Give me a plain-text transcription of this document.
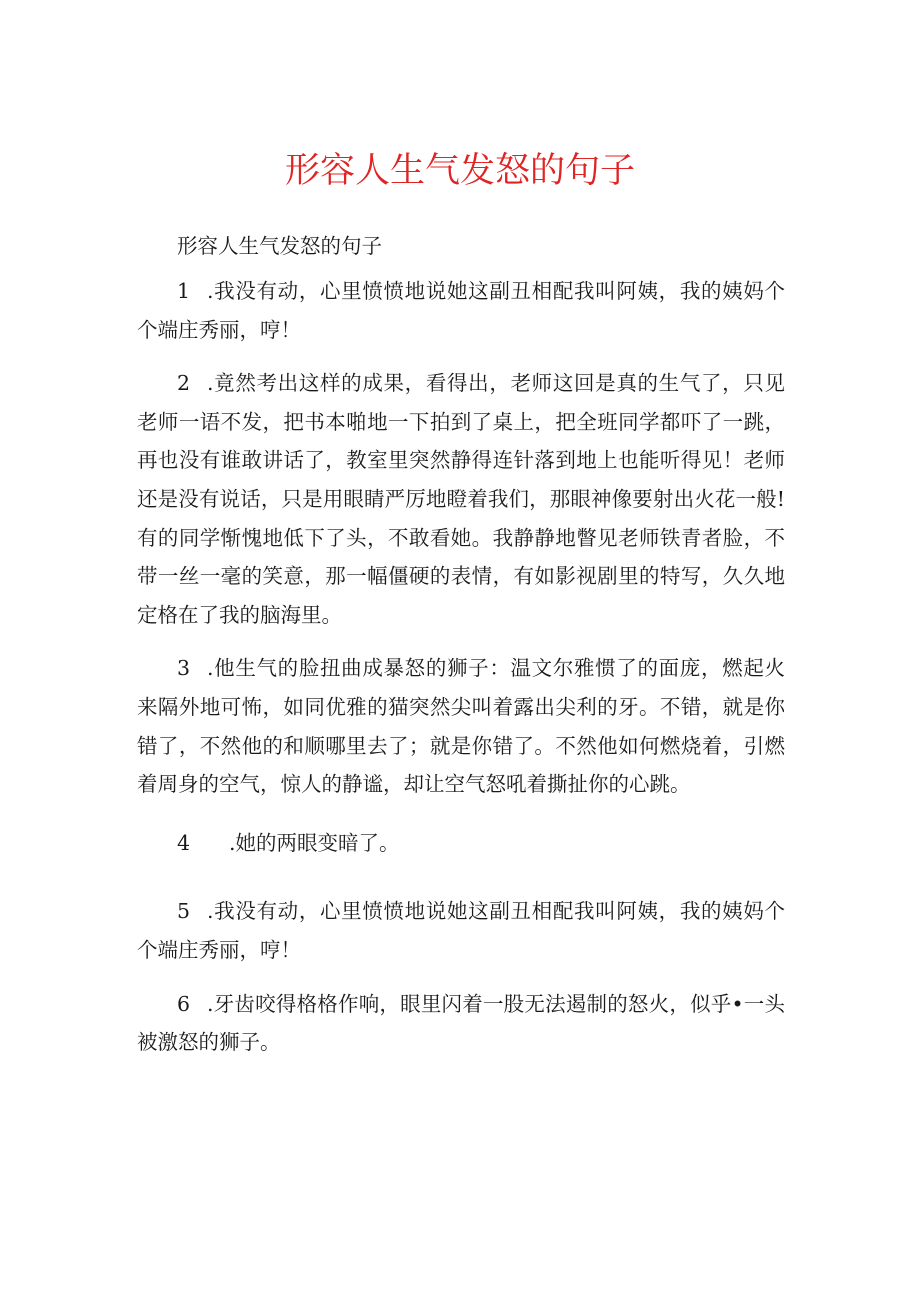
形容人生气发怒的句子

形容人生气发怒的句子

1 .我没有动，心里愤愤地说她这副丑相配我叫阿姨，我的姨妈个个端庄秀丽，哼！

2 .竟然考出这样的成果，看得出，老师这回是真的生气了，只见老师一语不发，把书本啪地一下拍到了桌上，把全班同学都吓了一跳，再也没有谁敢讲话了，教室里突然静得连针落到地上也能听得见！老师还是没有说话，只是用眼睛严厉地瞪着我们，那眼神像要射出火花一般!有的同学惭愧地低下了头，不敢看她。我静静地瞥见老师铁青者脸，不带一丝一毫的笑意，那一幅僵硬的表情，有如影视剧里的特写，久久地定格在了我的脑海里。

3 .他生气的脸扭曲成暴怒的狮子：温文尔雅惯了的面庞，燃起火来隔外地可怖，如同优雅的猫突然尖叫着露出尖利的牙。不错，就是你错了，不然他的和顺哪里去了；就是你错了。不然他如何燃烧着，引燃着周身的空气，惊人的静谧，却让空气怒吼着撕扯你的心跳。

4 .她的两眼变暗了。

5 .我没有动，心里愤愤地说她这副丑相配我叫阿姨，我的姨妈个个端庄秀丽，哼！

6 .牙齿咬得格格作响，眼里闪着一股无法遏制的怒火，似乎•一头被激怒的狮子。
